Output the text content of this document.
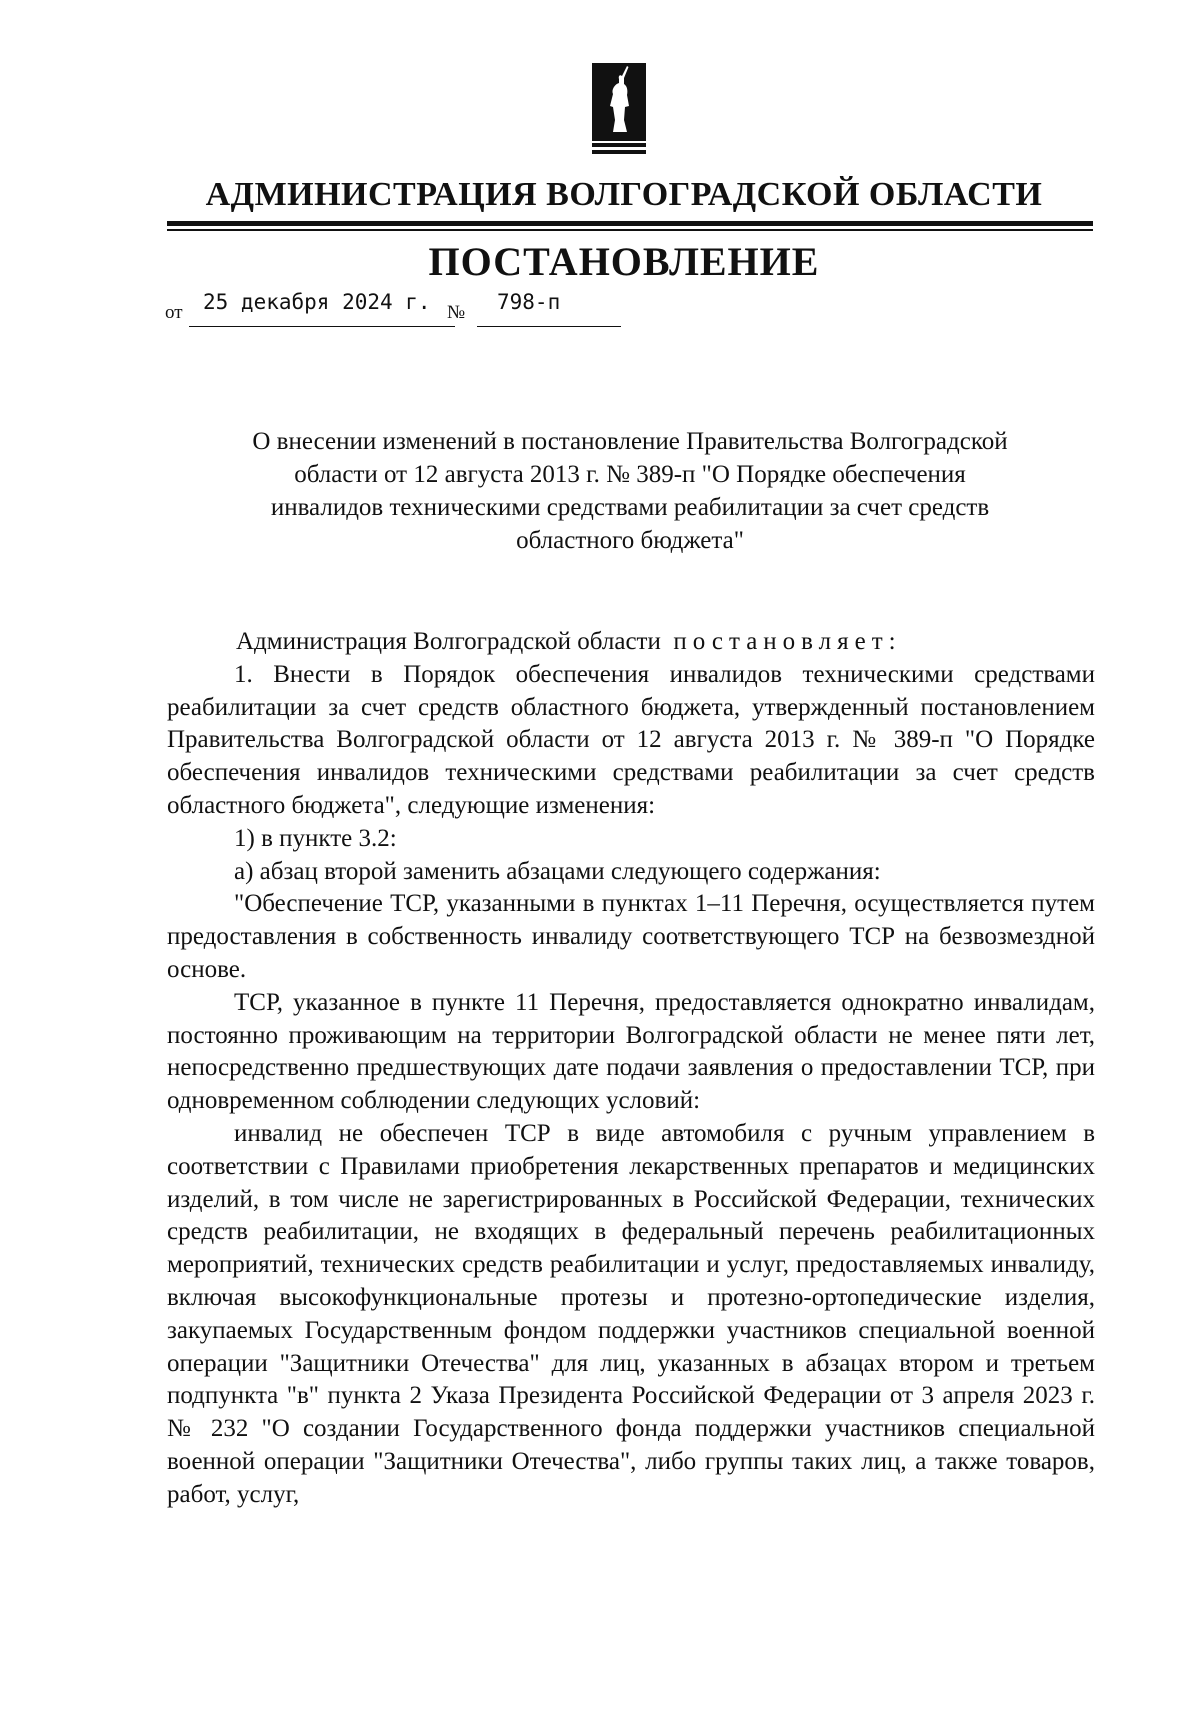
АДМИНИСТРАЦИЯ ВОЛГОГРАДСКОЙ ОБЛАСТИ
ПОСТАНОВЛЕНИЕ
от 25 декабря 2024 г. № 798-п
О внесении изменений в постановление Правительства Волгоградской
области от 12 августа 2013 г. № 389-п "О Порядке обеспечения
инвалидов техническими средствами реабилитации за счет средств
областного бюджета"

Администрация Волгоградской области постановляет:

1. Внести в Порядок обеспечения инвалидов техническими средствами реабилитации за счет средств областного бюджета, утвержденный постановлением Правительства Волгоградской области от 12 августа 2013 г. № 389-п "О Порядке обеспечения инвалидов техническими средствами реабилитации за счет средств областного бюджета", следующие изменения:

1) в пункте 3.2:

а) абзац второй заменить абзацами следующего содержания:

"Обеспечение ТСР, указанными в пунктах 1–11 Перечня, осуществляется путем предоставления в собственность инвалиду соответствующего ТСР на безвозмездной основе.

ТСР, указанное в пункте 11 Перечня, предоставляется однократно инвалидам, постоянно проживающим на территории Волгоградской области не менее пяти лет, непосредственно предшествующих дате подачи заявления о предоставлении ТСР, при одновременном соблюдении следующих условий:

инвалид не обеспечен ТСР в виде автомобиля с ручным управлением в соответствии с Правилами приобретения лекарственных препаратов и медицинских изделий, в том числе не зарегистрированных в Российской Федерации, технических средств реабилитации, не входящих в федеральный перечень реабилитационных мероприятий, технических средств реабилитации и услуг, предоставляемых инвалиду, включая высокофункциональные протезы и протезно-ортопедические изделия, закупаемых Государственным фондом поддержки участников специальной военной операции "Защитники Отечества" для лиц, указанных в абзацах втором и третьем подпункта "в" пункта 2 Указа Президента Российской Федерации от 3 апреля 2023 г. № 232 "О создании Государственного фонда поддержки участников специальной военной операции "Защитники Отечества", либо группы таких лиц, а также товаров, работ, услуг,
